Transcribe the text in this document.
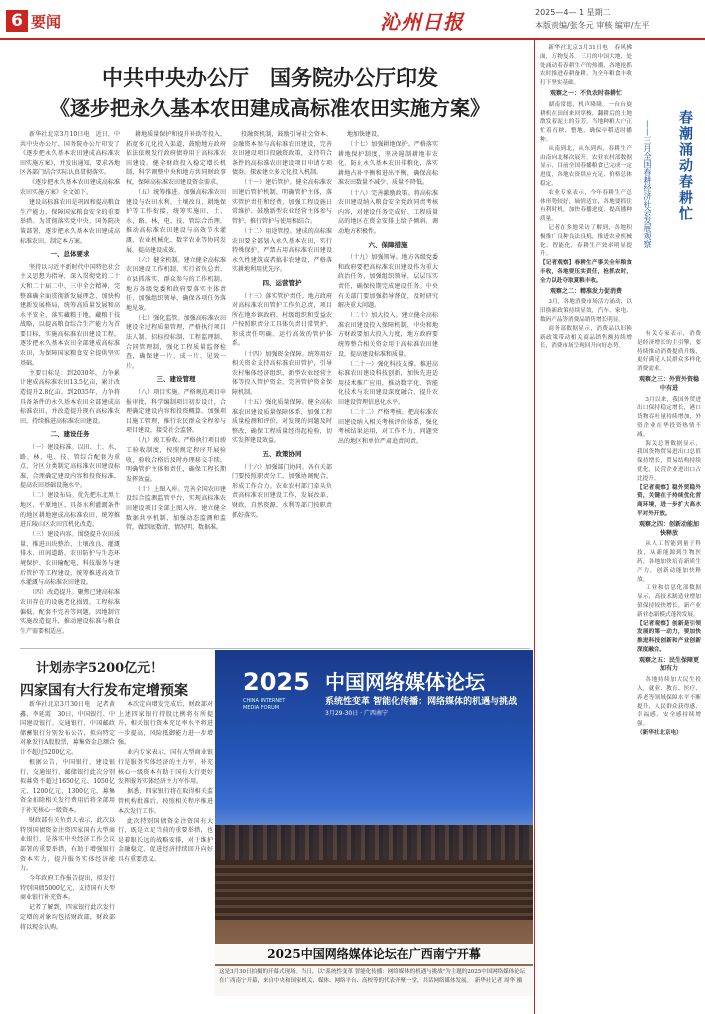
6 要闻	沁州日报	2025—4— 1 星期二
本版责编/张冬元 审核 编审/左平
中共中央办公厅　国务院办公厅印发
《逐步把永久基本农田建成高标准农田实施方案》

新华社北京3月10日电　近日，中共中央办公厅、国务院办公厅印发了《逐步把永久基本农田建成高标准农田实施方案》，并发出通知，要求各地区各部门结合实际认真贯彻落实。

《逐步把永久基本农田建成高标准农田实施方案》全文如下。

建设高标准农田是巩固和提高粮食生产能力、保障国家粮食安全的重要举措。为贯彻落实党中央、国务院决策部署，逐步把永久基本农田建成高标准农田，制定本方案。

一、总体要求

坚持以习近平新时代中国特色社会主义思想为指导，深入贯彻党的二十大和二十届二中、三中全会精神，完整准确全面贯彻新发展理念，加快构建新发展格局，统筹高质量发展和高水平安全，落实藏粮于地、藏粮于技战略，以提高粮食综合生产能力为首要目标，实施高标准农田建设工程，逐步把永久基本农田全部建成高标准农田，为保障国家粮食安全提供坚实基础。

主要目标是：到2030年，力争累计建成高标准农田13.5亿亩，累计改造提升2.8亿亩。到2035年，力争将具备条件的永久基本农田全部建成高标准农田，并改造提升现有高标准农田，持续推进高标准农田建设。

二、建设任务

（一）建设标准。以田、土、水、路、林、电、技、管综合配套为重点，分区分类制定高标准农田建设标准，合理确定建设内容和投资标准，提高农田基础设施水平。

（二）建设布局。优先把东北黑土地区、平原地区、具备水利灌溉条件的地区耕地建成高标准农田，统筹推进丘陵山区农田宜机化改造。

（三）建设内容。围绕提升农田质量，推进田块整治、土壤改良、灌溉排水、田间道路、农田防护与生态环境保护、农田输配电、科技服务与建后管护等工程建设，统筹推进高效节水灌溉与高标准农田建设。

（四）改造提升。聚焦已建高标准农田存在的设施老化损毁、工程标准偏低、配套不完善等问题，因地制宜实施改造提升，推动建设标准与粮食生产需要相适应。

耕地质量保护和提升补助等投入，拓宽多元化投入渠道，鼓励地方政府依法依规发行政府债券用于高标准农田建设。健全财政投入稳定增长机制，科学调整中央和地方共同财政事权，保障高标准农田建设资金需求。

（五）统筹推进。加强高标准农田建设与农田水利、土壤改良、耕地保护等工作衔接，统筹实施田、土、水、路、林、电、技、管综合治理，推动高标准农田建设与高效节水灌溉、农业机械化、数字农业等协同发展，提高建设成效。

（六）健全机制。建立健全高标准农田建设工作机制，实行省负总责、市县抓落实、群众参与的工作机制。地方各级党委和政府要落实主体责任，加强组织领导，确保各项任务落地见效。

（七）强化监管。加强高标准农田建设全过程质量管理，严格执行项目法人制、招标投标制、工程监理制、合同管理制，强化工程质量监督检查，确保建一片、成一片、见效一片。

三、建设管理

（八）项目实施。严格规范项目申报审批，科学编制项目初步设计，合理确定建设内容和投资概算。加强项目施工管理，推行农民群众全程参与项目建设，接受社会监督。

（九）竣工验收。严格执行项目竣工验收制度，按照规定程序开展验收，验收合格后及时办理移交手续，明确管护主体和责任，确保工程长期发挥效益。

（十）上图入库。完善全国农田建设综合监测监管平台，实现高标准农田建设项目全部上图入库，建立健全数据共享机制，加强动态监测和监管，做到底数清、情况明、数据准。

投融资机制，鼓励引导社会资本、金融资本参与高标准农田建设，完善农田建设项目投融资政策，支持符合条件的高标准农田建设项目申请专项债券，探索建立多元化投入机制。

（十一）建后管护。健全高标准农田建后管护机制，明确管护主体，落实管护责任和经费，加强工程设施日常维护。鼓励新型农业经营主体参与管护，推行管护与使用相结合。

（十二）用途管控。建成的高标准农田要全部划入永久基本农田，实行特殊保护，严禁占用高标准农田建设永久性建筑或者搞非农建设，严格落实耕地利用优先序。

四、运营管护

（十三）落实管护责任。地方政府对高标准农田管护工作负总责，项目所在地乡镇政府、村级组织和受益农户按照职责分工具体负责日常管护，形成责任明确、运行高效的管护体系。

（十四）加强资金保障。统筹用好相关资金支持高标准农田管护，引导农村集体经济组织、新型农业经营主体等投入管护资金，完善管护资金保障机制。

（十五）强化质量保障。健全高标准农田建设质量保障体系，加强工程质量检测和评价，对发现的问题及时整改，确保工程质量经得起检验，切实发挥建设效益。

五、政策协同

（十六）加强部门协同。各有关部门要按照职责分工，加强协调配合，形成工作合力。农业农村部门牵头负责高标准农田建设工作，发展改革、财政、自然资源、水利等部门按职责抓好落实。

地加快建设。

（十七）加强耕地保护。严格落实耕地保护制度，坚决遏制耕地非农化、防止永久基本农田非粮化，落实耕地占补平衡和进出平衡，确保高标准农田数量不减少、质量不降低。

（十八）完善激励政策。将高标准农田建设纳入粮食安全党政同责考核内容，对建设任务完成好、工程质量高的地区在资金安排上给予倾斜，调动地方积极性。

六、保障措施

（十九）加强领导。地方各级党委和政府要把高标准农田建设作为重大政治任务，加强组织领导，层层压实责任，确保按期完成建设任务。中央有关部门要加强指导督促，及时研究解决重大问题。

（二十）加大投入。建立健全高标准农田建设投入保障机制，中央和地方财政要加大投入力度，地方政府要统筹整合相关资金用于高标准农田建设，提高建设标准和质量。

（二十一）强化科技支撑。推进高标准农田建设科技创新，加快先进适用技术推广应用，推动数字化、智能化技术与农田建设深度融合，提升农田建设管理信息化水平。

（二十二）严格考核。把高标准农田建设纳入相关考核评价体系，强化考核结果运用，对工作不力、问题突出的地区和单位严肃追责问责。

计划赤字5200亿元！
四家国有大行发布定增预案

新华社北京3月30日电　记者黄鑫、李延霞　30日，中国银行、中国建设银行、交通银行、中国邮政储蓄银行分别发布公告，拟向特定对象发行A股股票，募集资金总额合计不超过5200亿元。

根据公告，中国银行、建设银行、交通银行、邮储银行此次分别拟募资不超过1650亿元、1050亿元、1200亿元、1300亿元，募集资金扣除相关发行费用后将全部用于补充核心一级资本。

财政部有关负责人表示，此次以特别国债资金注资四家国有大型商业银行，是落实中央经济工作会议部署的重要举措，有助于增强银行资本实力，提升服务实体经济能力。

今年政府工作报告提出，拟发行特别国债5000亿元，支持国有大型商业银行补充资本。

记者了解到，四家银行此次发行定增的对象均包括财政部，财政部将以现金认购。

本次定向增发完成后，财政部对上述四家银行持股比例将有所提升，相关银行资本充足率水平将进一步提高，风险抵御能力进一步增强。

业内专家表示，国有大型商业银行是服务实体经济的主力军，补充核心一级资本有助于国有大行更好发挥服务实体经济主力军作用。

据悉，四家银行将在取得相关监管机构批准后，按照相关程序推进本次发行工作。

此次特别国债资金注资国有大行，既是立足当前的重要举措，也是着眼长远的战略安排，对于维护金融稳定、促进经济持续回升向好具有重要意义。

2025
CHINA INTERNET MEDIA FORUM
中国网络媒体论坛
系统性变革 智能化传播：网络媒体的机遇与挑战
3月29-30日 · 广西南宁
2025中国网络媒体论坛在广西南宁开幕
这是3月30日拍摄的开幕式现场。当日，以"系统性变革 智能化传播：网络媒体的机遇与挑战"为主题的2025中国网络媒体论坛在广西南宁开幕，来自中央和国家机关、媒体、网络平台、高校等的代表齐聚一堂，共话网络媒体发展。　新华社记者 周华 摄
春潮涌动春耕忙
——三月全国春耕经济社会发展观察

新华社北京3月31日电　春风拂面，万物复苏。三月的中国大地，处处涌动着春耕生产的热潮，各地抢抓农时推进春耕备耕，为全年粮食丰收打下坚实基础。

观察之一：不负农时春耕忙

湖南常德，机声隆隆。一台台旋耕机在田间来回穿梭，翻耕后的土地散发着泥土的芬芳。当地种粮大户正忙着育秧、整地，确保早稻适时播种。

从南到北，从东到西，春耕生产由南向北梯次展开。农业农村部数据显示，目前全国春播粮食已完成一定进度，各地农资供应充足、价格总体稳定。

农业专家表示，今年春耕生产总体形势较好，墒情适宜，各地要抓住有利时机，加快春播进度，提高播种质量。

记者在多地采访了解到，各地积极推广良种良法良机，推进农业机械化、智能化，春耕生产效率明显提升。

【记者观察】春耕生产事关全年粮食丰收，各地要压实责任，抢抓农时，全力以赴夺取夏粮丰收。

观察之二：精准发力促消费

3月，各地消费市场活力涌动，以旧换新政策持续显效，汽车、家电、数码产品等消费品销售增长明显。

商务部数据显示，消费品以旧换新政策带动相关商品销售额持续增长，消费市场呈现回升向好态势。

有关专家表示，消费是经济增长的主引擎，要持续推动消费提质升级，更好满足人民群众多样化消费需求。

观察之三：外贸外资稳中有进

3月以来，我国外贸进出口保持稳定增长，港口货物吞吐量持续增加，外资企业在华投资热情不减。

海关总署数据显示，我国货物贸易进出口总值保持增长，贸易结构持续优化，民营企业进出口占比提升。

【记者观察】稳外贸稳外资，关键在于持续优化营商环境，进一步扩大高水平对外开放。

观察之四：创新动能加快释放

从人工智能到量子科技，从新能源到生物医药，各地加快培育新质生产力，创新动能加快释放。

工业和信息化部数据显示，高技术制造业增加值保持较快增长，新产业新业态新模式蓬勃发展。

【记者观察】创新是引领发展的第一动力，要加快推进科技创新和产业创新深度融合。

观察之五：民生保障更加有力

各地持续加大民生投入，就业、教育、医疗、养老等领域保障水平不断提升，人民群众获得感、幸福感、安全感持续增强。

（新华社北京电）
